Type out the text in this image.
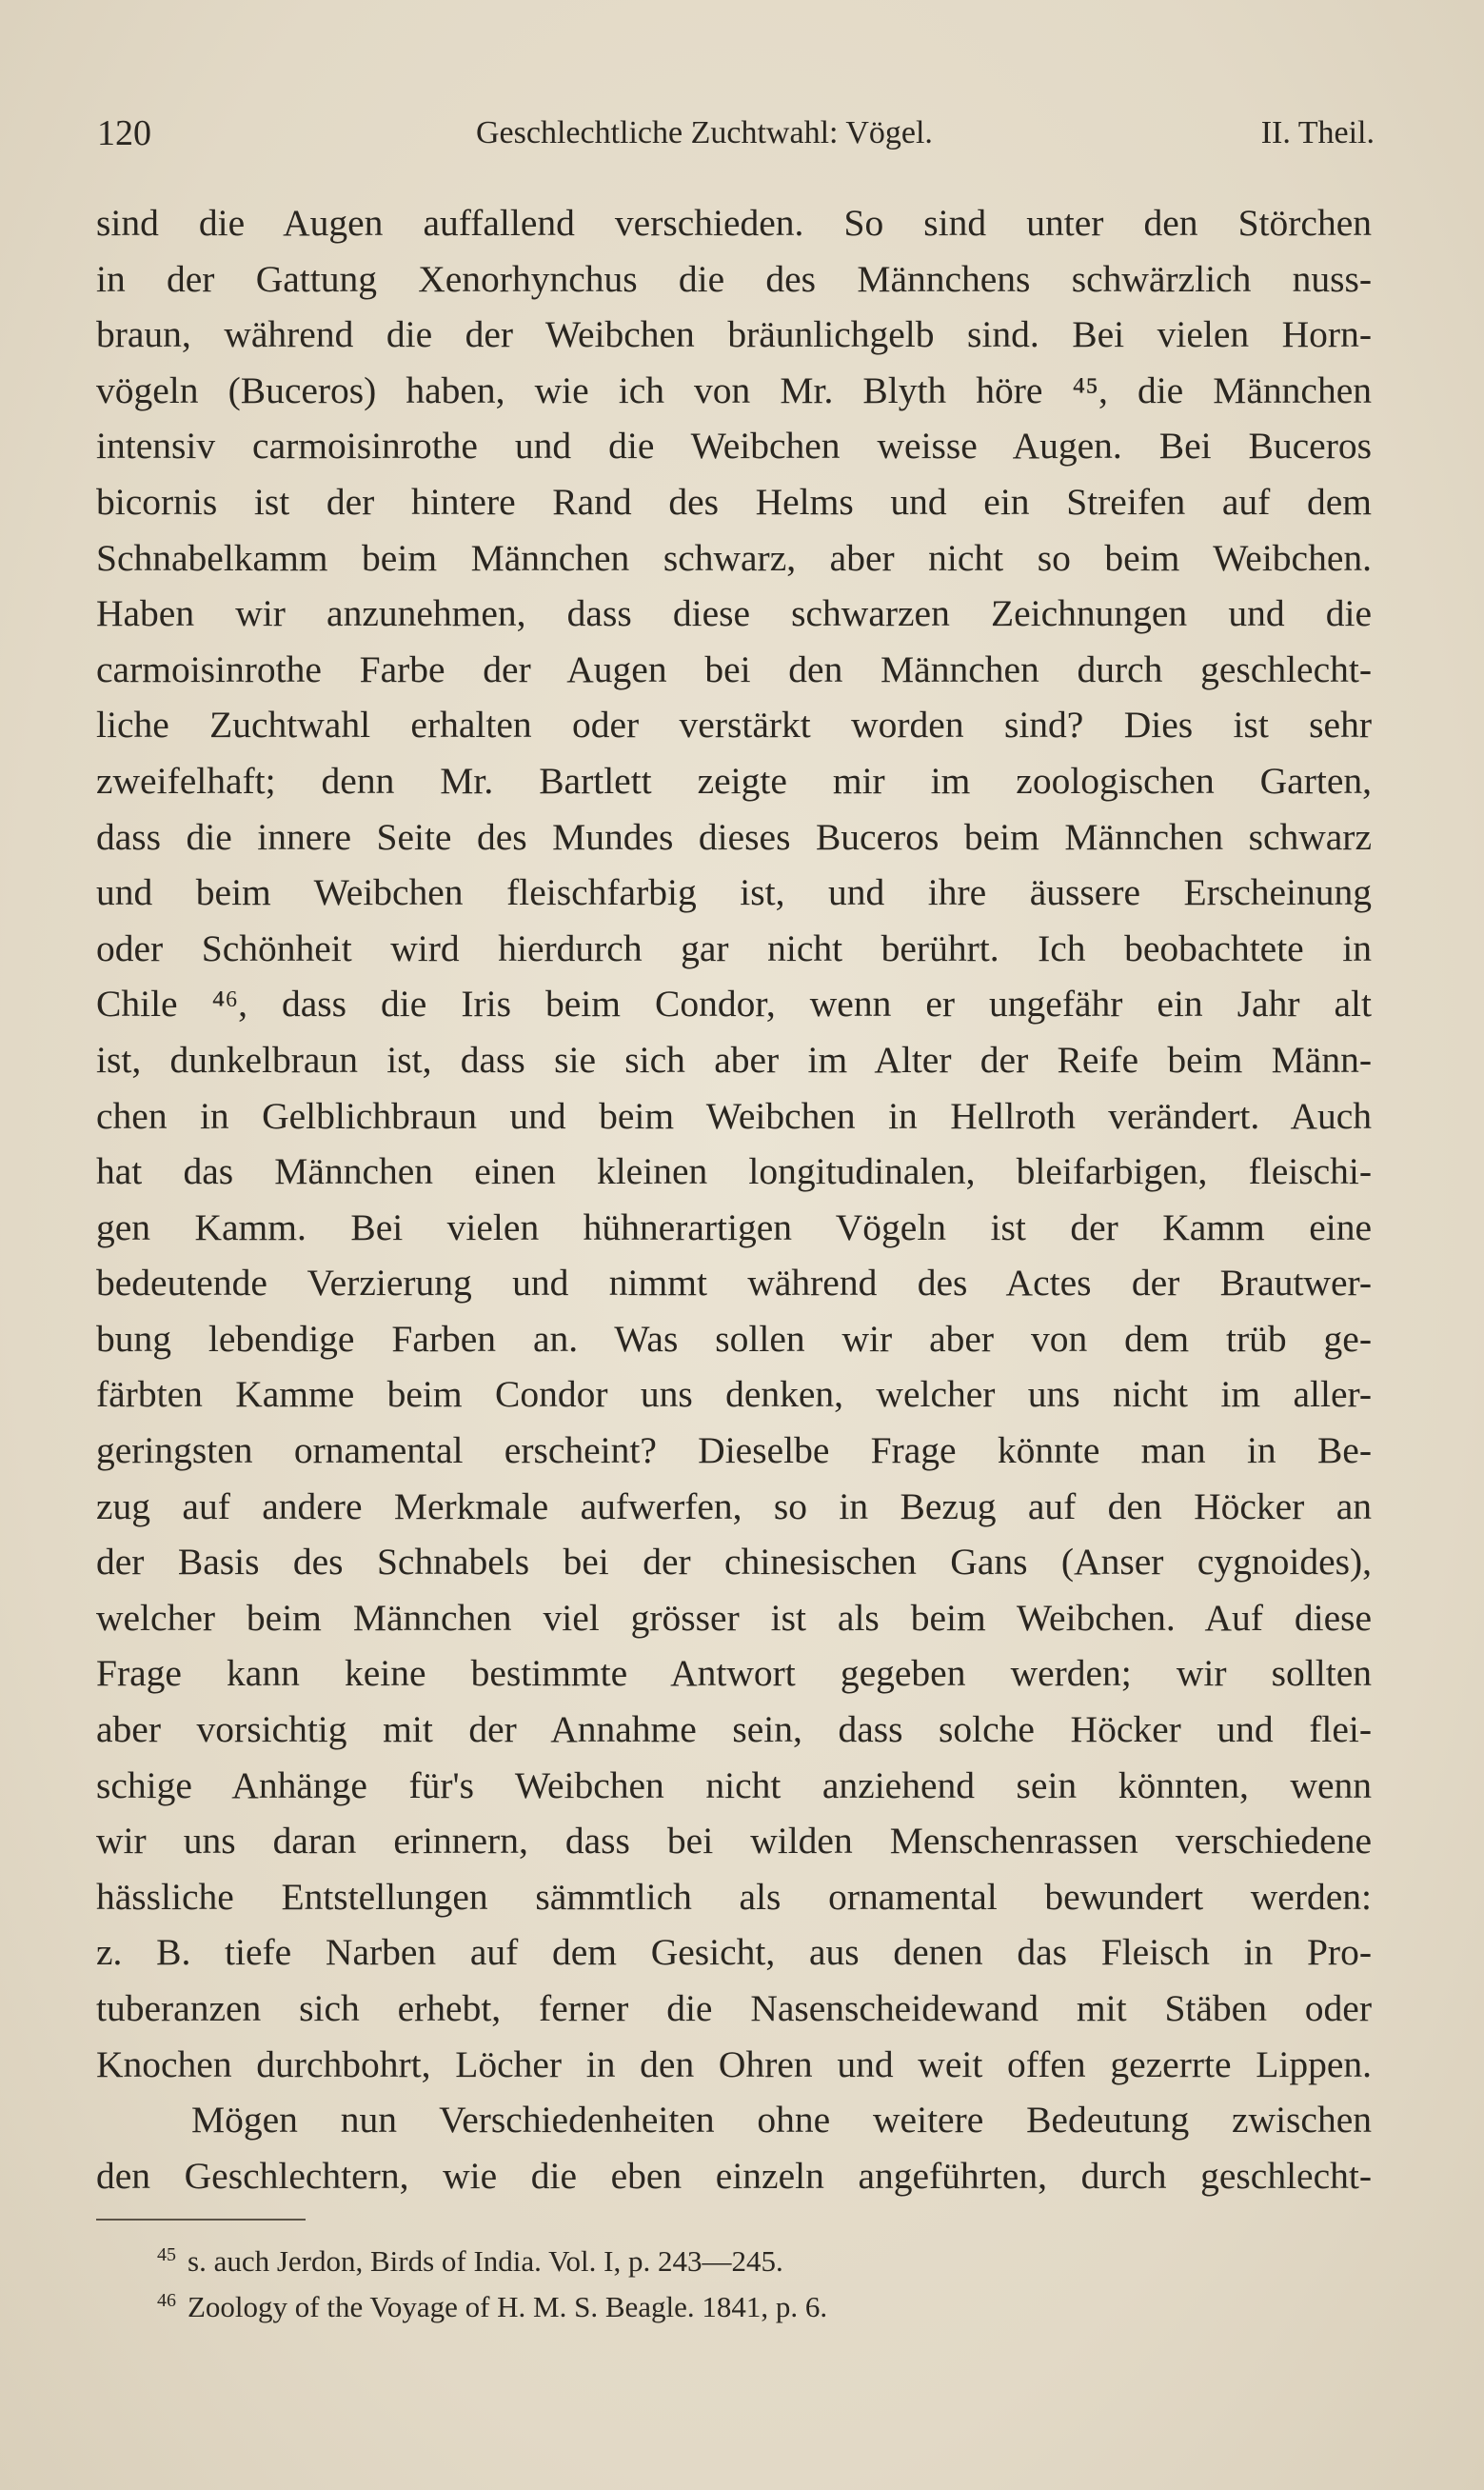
120	Geschlechtliche Zuchtwahl: Vögel.	II. Theil.
sind die Augen auffallend verschieden. So sind unter den Störchen
in der Gattung Xenorhynchus die des Männchens schwärzlich nuss-
braun, während die der Weibchen bräunlichgelb sind. Bei vielen Horn-
vögeln (Buceros) haben, wie ich von Mr. Blyth höre ⁴⁵, die Männchen
intensiv carmoisinrothe und die Weibchen weisse Augen. Bei Buceros
bicornis ist der hintere Rand des Helms und ein Streifen auf dem
Schnabelkamm beim Männchen schwarz, aber nicht so beim Weibchen.
Haben wir anzunehmen, dass diese schwarzen Zeichnungen und die
carmoisinrothe Farbe der Augen bei den Männchen durch geschlecht-
liche Zuchtwahl erhalten oder verstärkt worden sind? Dies ist sehr
zweifelhaft; denn Mr. Bartlett zeigte mir im zoologischen Garten,
dass die innere Seite des Mundes dieses Buceros beim Männchen schwarz
und beim Weibchen fleischfarbig ist, und ihre äussere Erscheinung
oder Schönheit wird hierdurch gar nicht berührt. Ich beobachtete in
Chile ⁴⁶, dass die Iris beim Condor, wenn er ungefähr ein Jahr alt
ist, dunkelbraun ist, dass sie sich aber im Alter der Reife beim Männ-
chen in Gelblichbraun und beim Weibchen in Hellroth verändert. Auch
hat das Männchen einen kleinen longitudinalen, bleifarbigen, fleischi-
gen Kamm. Bei vielen hühnerartigen Vögeln ist der Kamm eine
bedeutende Verzierung und nimmt während des Actes der Brautwer-
bung lebendige Farben an. Was sollen wir aber von dem trüb ge-
färbten Kamme beim Condor uns denken, welcher uns nicht im aller-
geringsten ornamental erscheint? Dieselbe Frage könnte man in Be-
zug auf andere Merkmale aufwerfen, so in Bezug auf den Höcker an
der Basis des Schnabels bei der chinesischen Gans (Anser cygnoides),
welcher beim Männchen viel grösser ist als beim Weibchen. Auf diese
Frage kann keine bestimmte Antwort gegeben werden; wir sollten
aber vorsichtig mit der Annahme sein, dass solche Höcker und flei-
schige Anhänge für's Weibchen nicht anziehend sein könnten, wenn
wir uns daran erinnern, dass bei wilden Menschenrassen verschiedene
hässliche Entstellungen sämmtlich als ornamental bewundert werden:
z. B. tiefe Narben auf dem Gesicht, aus denen das Fleisch in Pro-
tuberanzen sich erhebt, ferner die Nasenscheidewand mit Stäben oder
Knochen durchbohrt, Löcher in den Ohren und weit offen gezerrte Lippen.
Mögen nun Verschiedenheiten ohne weitere Bedeutung zwischen
den Geschlechtern, wie die eben einzeln angeführten, durch geschlecht-
$^{45}$ s. auch Jerdon, Birds of India. Vol. I, p. 243—245.
$^{46}$ Zoology of the Voyage of H. M. S. Beagle. 1841, p. 6.
